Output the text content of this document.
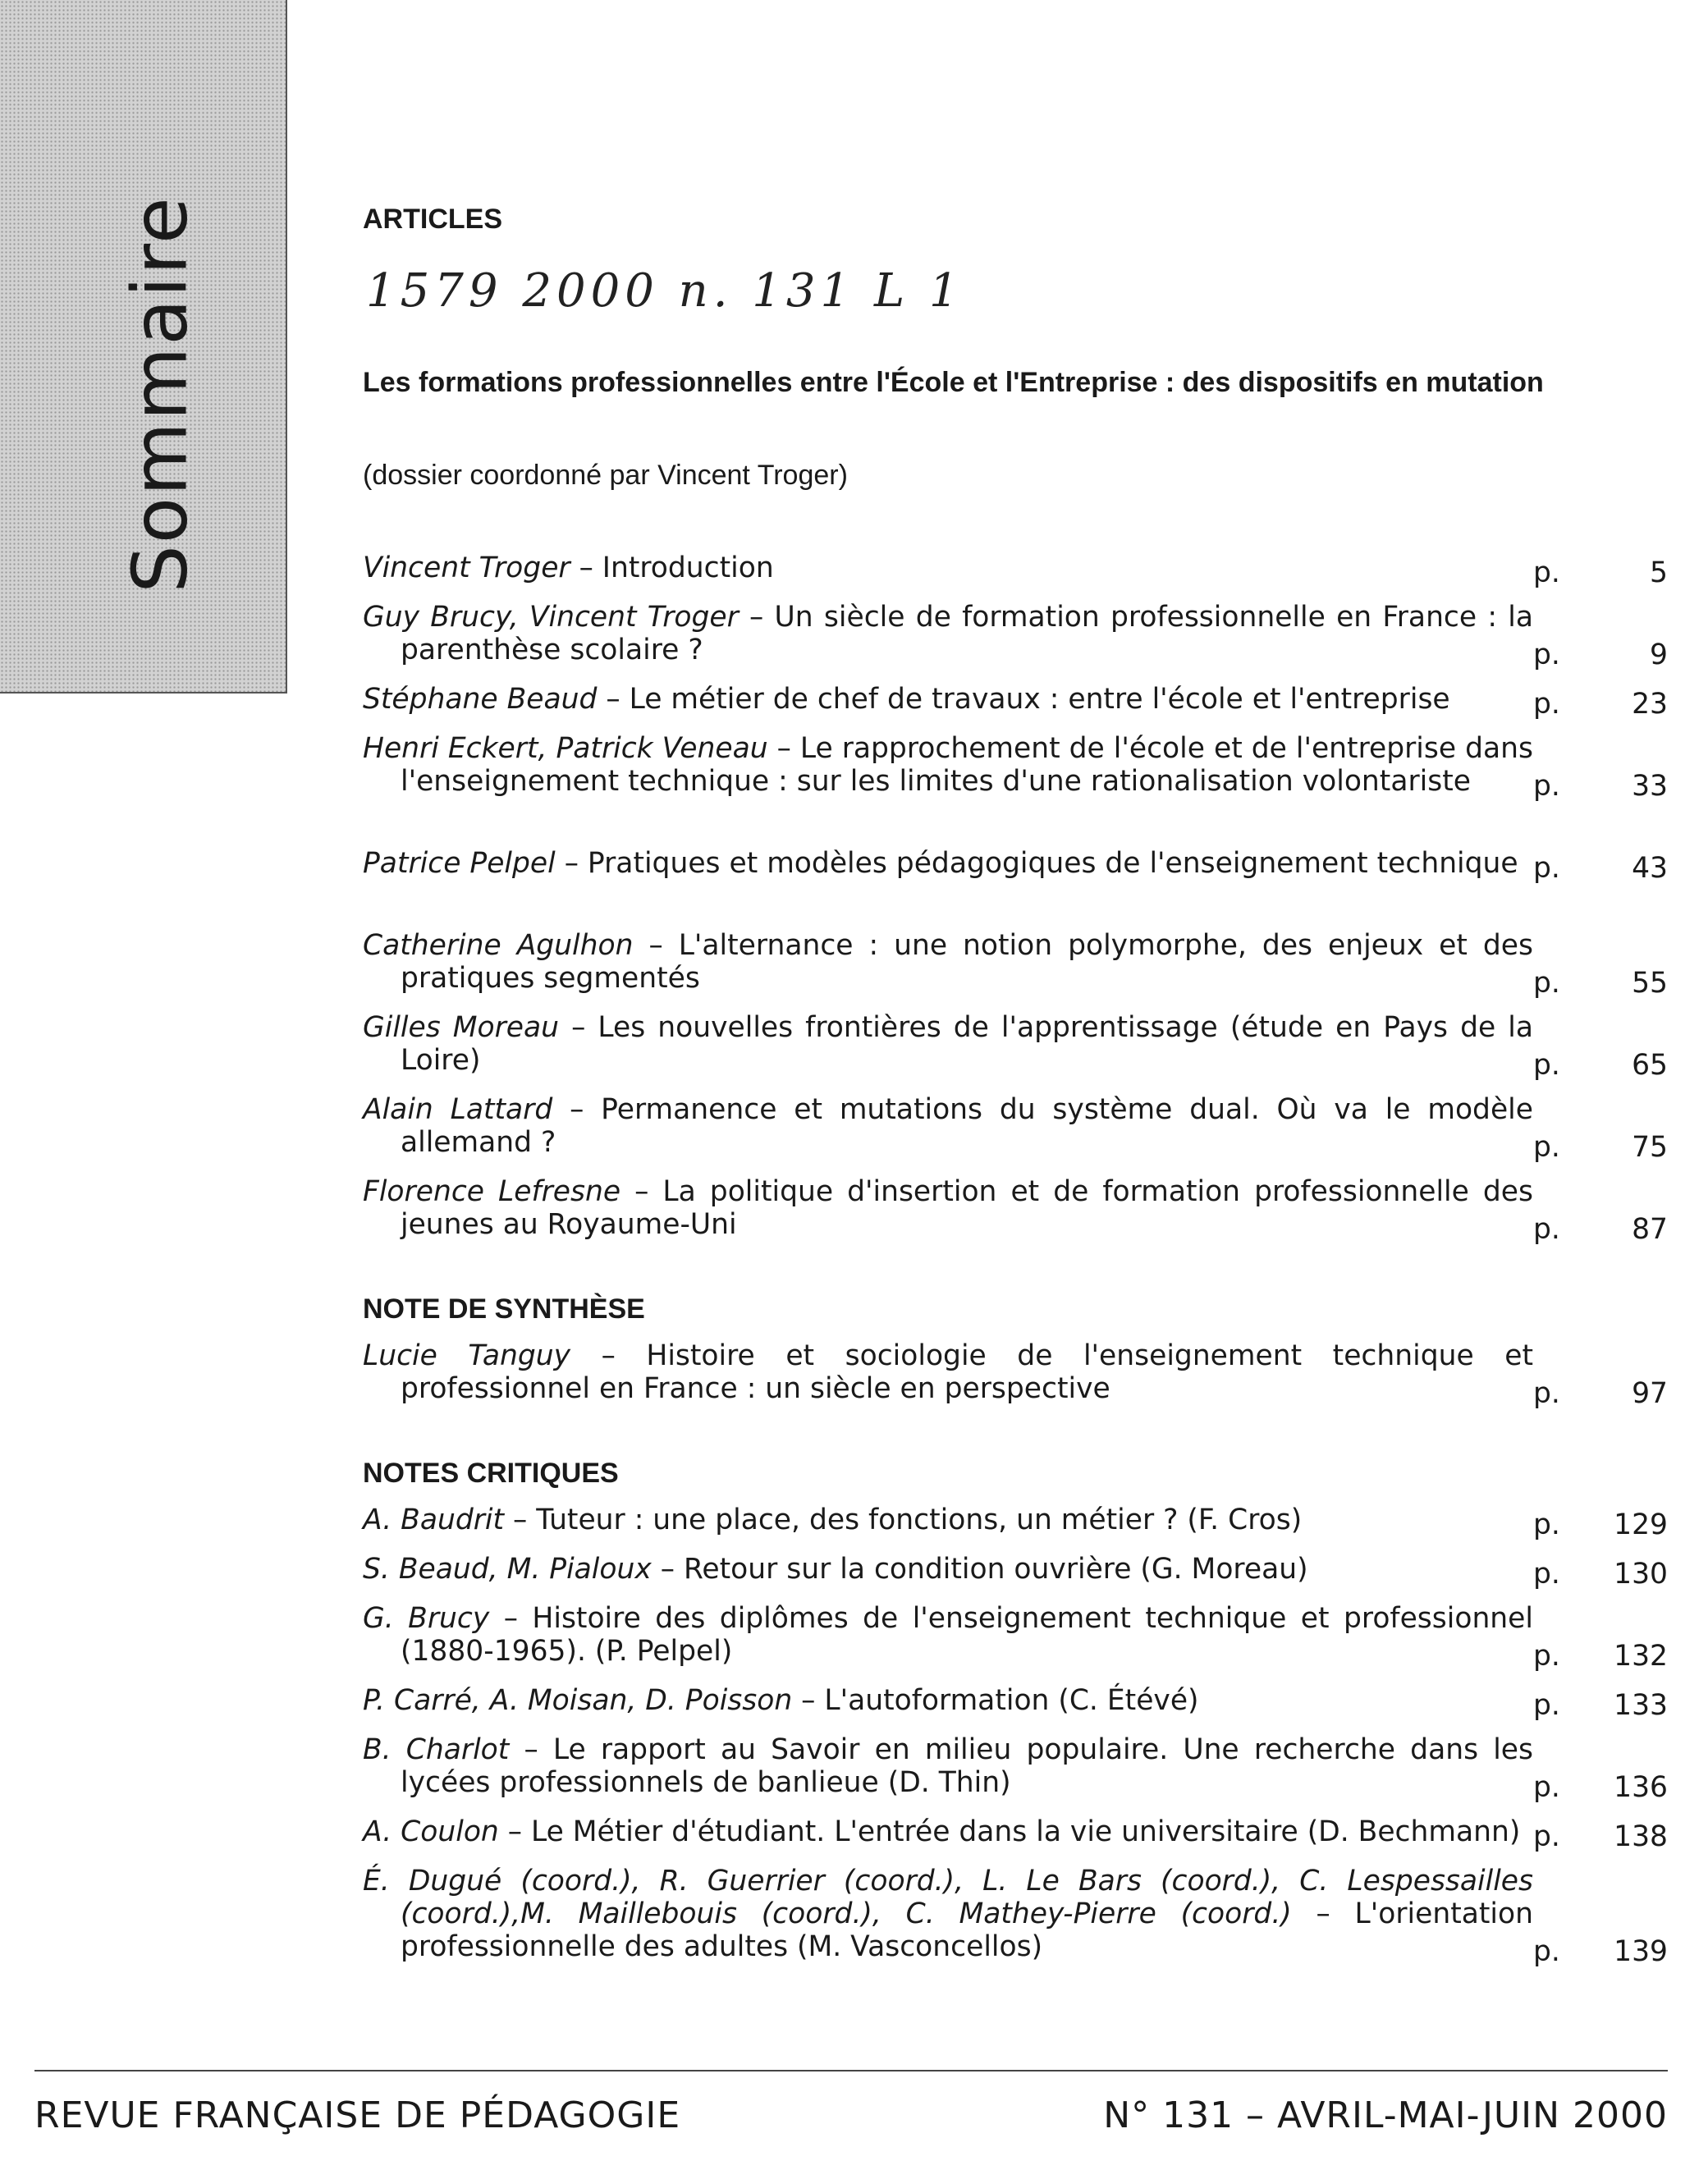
Sommaire	ARTICLES
1579 2000 n. 131 L 1
Les formations professionnelles entre l'École et l'Entreprise : des dispositifs en mutation
(dossier coordonné par Vincent Troger)
Vincent Troger – Introduction	p.	5
Guy Brucy, Vincent Troger – Un siècle de formation professionnelle en France : la parenthèse scolaire ?	p.	9
Stéphane Beaud – Le métier de chef de travaux : entre l'école et l'entreprise	p.	23
Henri Eckert, Patrick Veneau – Le rapprochement de l'école et de l'entreprise dans l'enseignement technique : sur les limites d'une rationalisation volontariste	p.	33
Patrice Pelpel – Pratiques et modèles pédagogiques de l'enseignement technique p.	43
Catherine Agulhon – L'alternance : une notion polymorphe, des enjeux et des pratiques segmentés	p.	55
Gilles Moreau – Les nouvelles frontières de l'apprentissage (étude en Pays de la Loire)	p.	65
Alain Lattard – Permanence et mutations du système dual. Où va le modèle allemand ?	p.	75
Florence Lefresne – La politique d'insertion et de formation professionnelle des jeunes au Royaume-Uni	p.	87
NOTE DE SYNTHÈSE
Lucie Tanguy – Histoire et sociologie de l'enseignement technique et professionnel en France : un siècle en perspective	p.	97
NOTES CRITIQUES
A. Baudrit – Tuteur : une place, des fonctions, un métier ? (F. Cros)	p. 129
S. Beaud, M. Pialoux – Retour sur la condition ouvrière (G. Moreau)	p. 130
G. Brucy – Histoire des diplômes de l'enseignement technique et professionnel (1880-1965). (P. Pelpel)	p. 132
P. Carré, A. Moisan, D. Poisson – L'autoformation (C. Étévé)	p. 133
B. Charlot – Le rapport au Savoir en milieu populaire. Une recherche dans les lycées professionnels de banlieue (D. Thin)	p. 136
A. Coulon – Le Métier d'étudiant. L'entrée dans la vie universitaire (D. Bechmann) p. 138
É. Dugué (coord.), R. Guerrier (coord.), L. Le Bars (coord.), C. Lespessailles (coord.),M. Maillebouis (coord.), C. Mathey-Pierre (coord.) – L'orientation professionnelle des adultes (M. Vasconcellos)	p. 139
REVUE FRANÇAISE DE PÉDAGOGIE	N° 131 – AVRIL-MAI-JUIN 2000
